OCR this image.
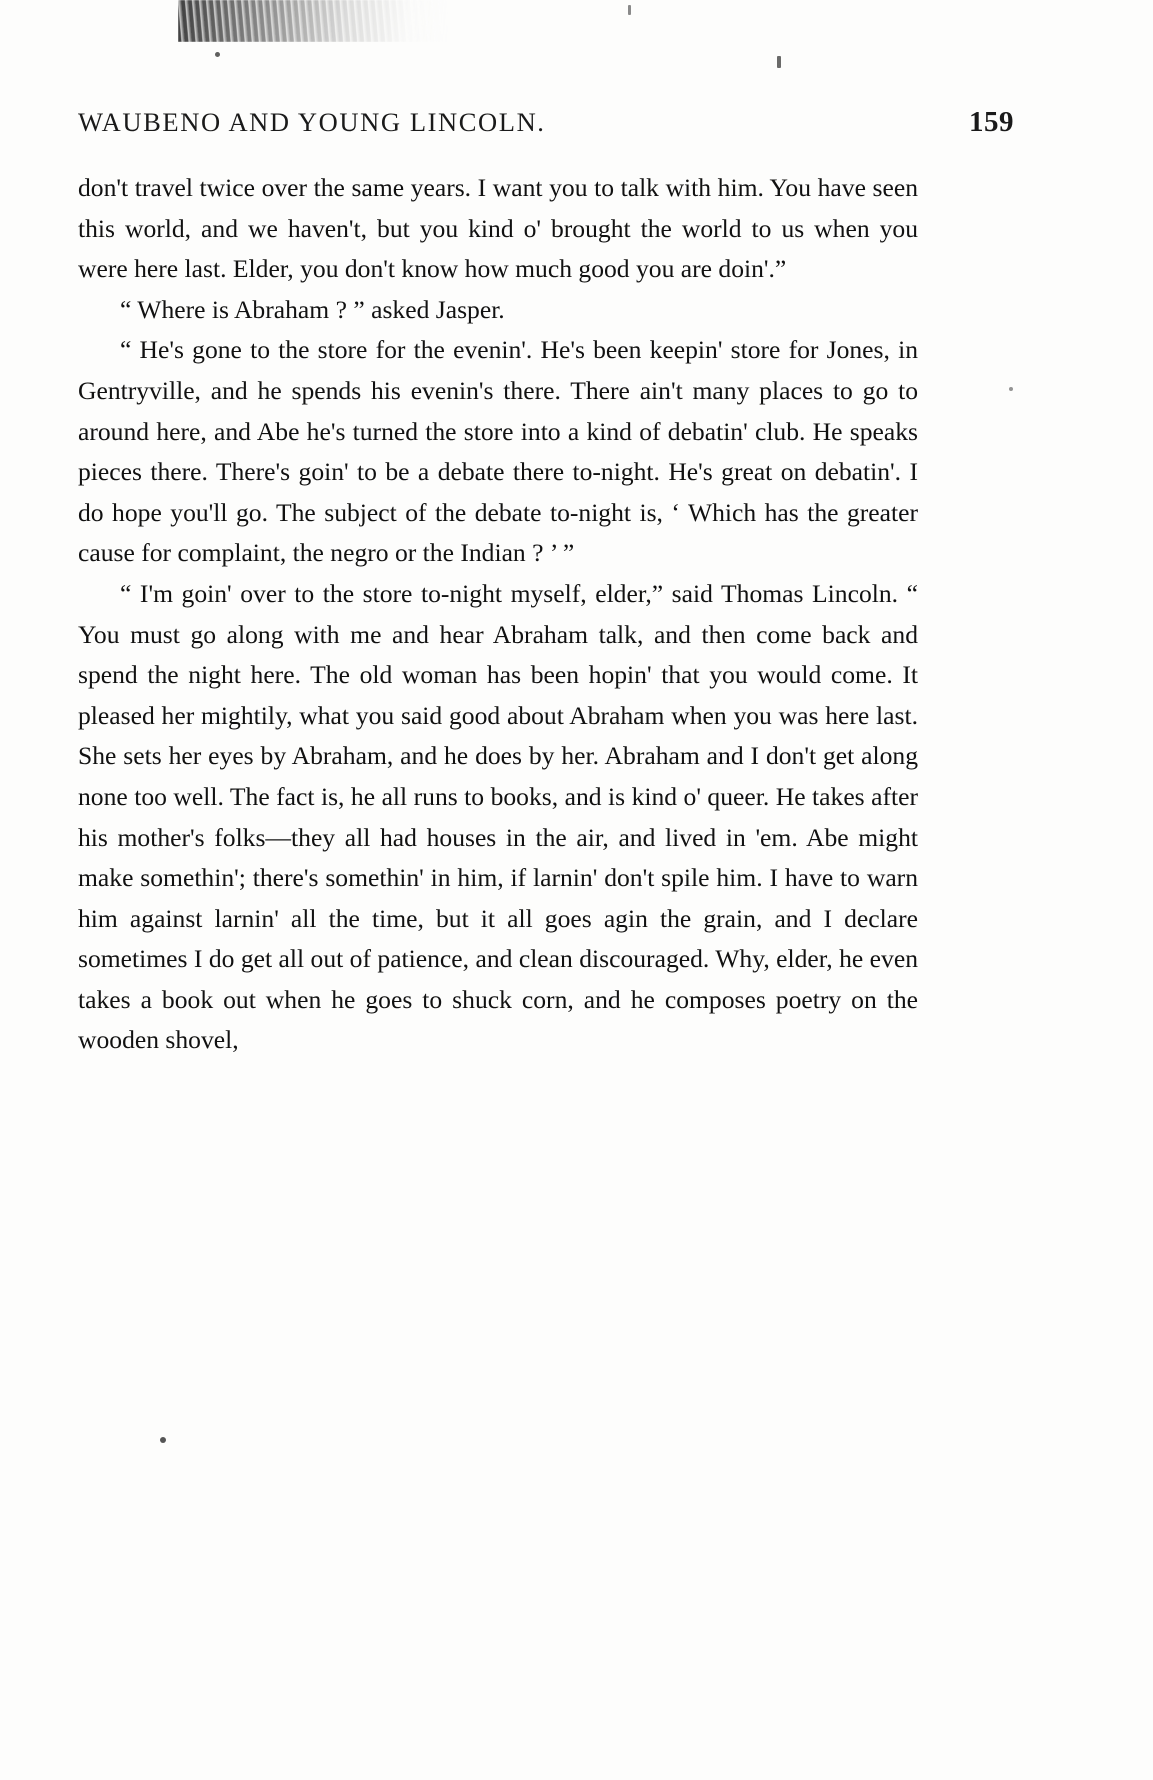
WAUBENO AND YOUNG LINCOLN.	159

don't travel twice over the same years. I want you to talk with him. You have seen this world, and we haven't, but you kind o' brought the world to us when you were here last. Elder, you don't know how much good you are doin'.”

“ Where is Abraham ? ” asked Jasper.

“ He's gone to the store for the evenin'. He's been keepin' store for Jones, in Gentryville, and he spends his evenin's there. There ain't many places to go to around here, and Abe he's turned the store into a kind of debatin' club. He speaks pieces there. There's goin' to be a debate there to-night. He's great on debatin'. I do hope you'll go. The subject of the debate to-night is, ‘ Which has the greater cause for complaint, the negro or the Indian ? ’ ”

“ I'm goin' over to the store to-night myself, elder,” said Thomas Lincoln. “ You must go along with me and hear Abraham talk, and then come back and spend the night here. The old woman has been hopin' that you would come. It pleased her mightily, what you said good about Abraham when you was here last. She sets her eyes by Abraham, and he does by her. Abraham and I don't get along none too well. The fact is, he all runs to books, and is kind o' queer. He takes after his mother's folks—they all had houses in the air, and lived in 'em. Abe might make somethin'; there's somethin' in him, if larnin' don't spile him. I have to warn him against larnin' all the time, but it all goes agin the grain, and I declare sometimes I do get all out of patience, and clean discouraged. Why, elder, he even takes a book out when he goes to shuck corn, and he composes poetry on the wooden shovel,
